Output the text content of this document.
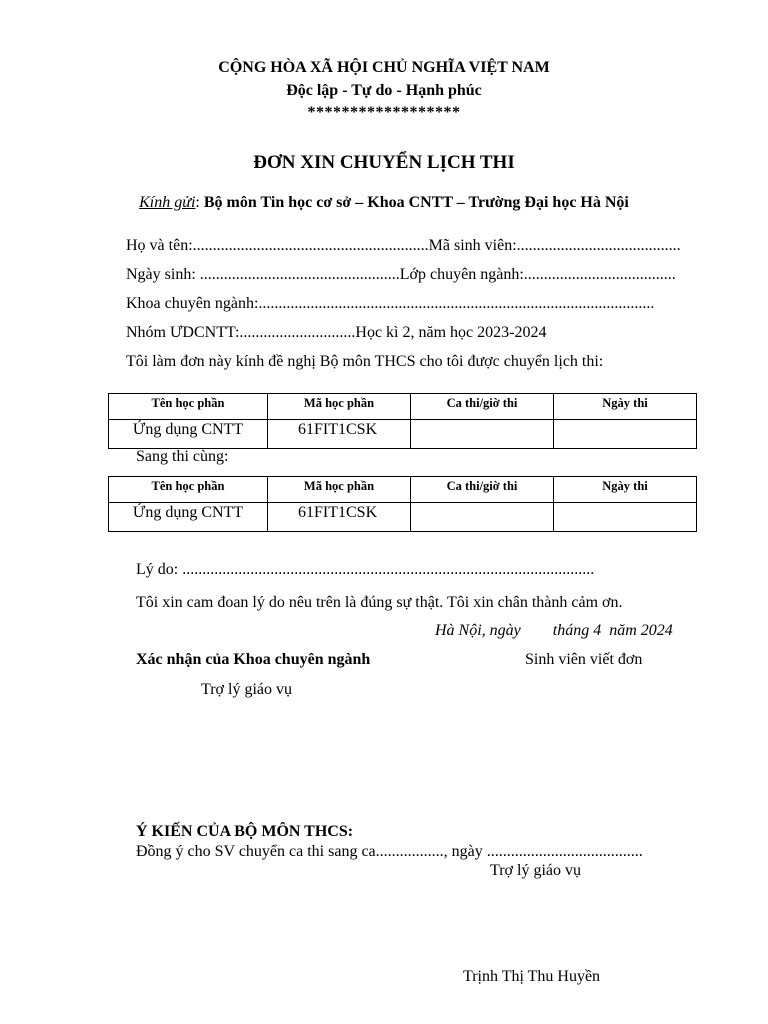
CỘNG HÒA XÃ HỘI CHỦ NGHĨA VIỆT NAM
Độc lập - Tự do - Hạnh phúc
******************
ĐƠN XIN CHUYỂN LỊCH THI
Kính gửi: Bộ môn Tin học cơ sở – Khoa CNTT – Trường Đại học Hà Nội
Họ và tên:...........................................................Mã sinh viên:.........................................
Ngày sinh: ..................................................Lớp chuyên ngành:......................................
Khoa chuyên ngành:...................................................................................................
Nhóm ƯDCNTT:.............................Học kì 2, năm học 2023-2024
Tôi làm đơn này kính đề nghị Bộ môn THCS cho tôi được chuyển lịch thi:
Tên học phần	Mã học phần	Ca thi/giờ thi	Ngày thi
Ứng dụng CNTT	61FIT1CSK		
Sang thi cùng:
Tên học phần	Mã học phần	Ca thi/giờ thi	Ngày thi
Ứng dụng CNTT	61FIT1CSK		
Lý do: .......................................................................................................
Tôi xin cam đoan lý do nêu trên là đúng sự thật. Tôi xin chân thành cảm ơn.
Hà Nội, ngày        tháng 4  năm 2024
Xác nhận của Khoa chuyên ngành	Sinh viên viết đơn
Trợ lý giáo vụ
Ý KIẾN CỦA BỘ MÔN THCS:
Đồng ý cho SV chuyển ca thi sang ca................., ngày .......................................
Trợ lý giáo vụ
Trịnh Thị Thu Huyền
